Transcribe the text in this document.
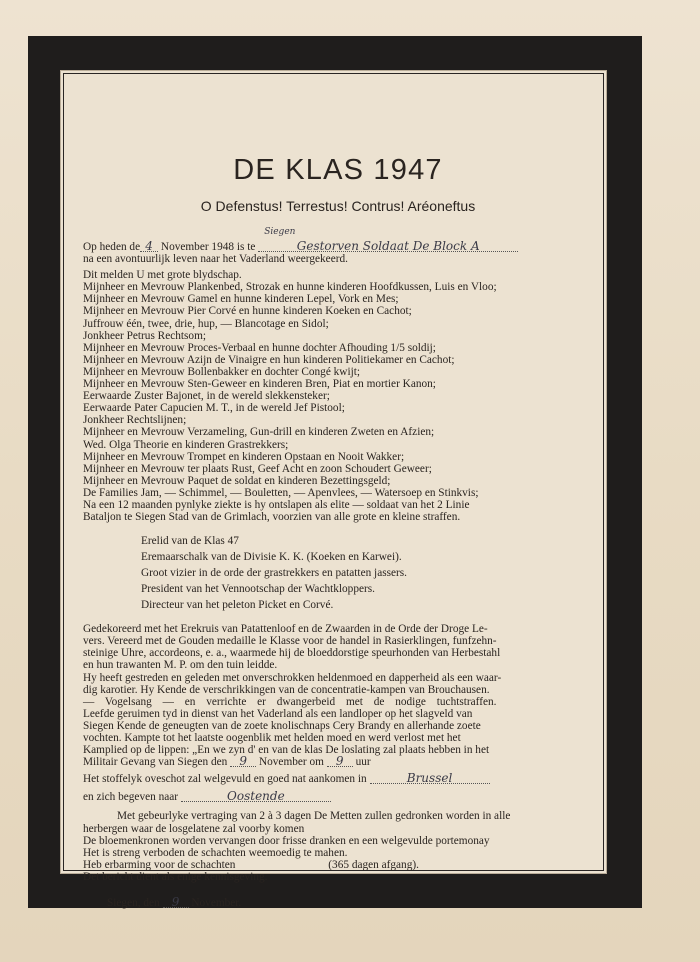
DE KLAS 1947
O Defenstus! Terrestus! Contrus! Aréoneftus
Op heden de 4 November 1948 is te
Siegen
Gestorven Soldaat De Block A
na een avontuurlijk leven naar het Vaderland weergekeerd.
Dit melden U met grote blydschap.
Mijnheer en Mevrouw Plankenbed, Strozak en hunne kinderen Hoofdkussen, Luis en Vloo;
Mijnheer en Mevrouw Gamel en hunne kinderen Lepel, Vork en Mes;
Mijnheer en Mevrouw Pier Corvé en hunne kinderen Koeken en Cachot;
Juffrouw één, twee, drie, hup, — Blancotage en Sidol;
Jonkheer Petrus Rechtsom;
Mijnheer en Mevrouw Proces-Verbaal en hunne dochter Afhouding 1/5 soldij;
Mijnheer en Mevrouw Azijn de Vinaigre en hun kinderen Politiekamer en Cachot;
Mijnheer en Mevrouw Bollenbakker en dochter Congé kwijt;
Mijnheer en Mevrouw Sten-Geweer en kinderen Bren, Piat en mortier Kanon;
Eerwaarde Zuster Bajonet, in de wereld slekkensteker;
Eerwaarde Pater Capucien M. T., in de wereld Jef Pistool;
Jonkheer Rechtslijnen;
Mijnheer en Mevrouw Verzameling, Gun-drill en kinderen Zweten en Afzien;
Wed. Olga Theorie en kinderen Grastrekkers;
Mijnheer en Mevrouw Trompet en kinderen Opstaan en Nooit Wakker;
Mijnheer en Mevrouw ter plaats Rust, Geef Acht en zoon Schoudert Geweer;
Mijnheer en Mevrouw Paquet de soldat en kinderen Bezettingsgeld;
De Families Jam, — Schimmel, — Bouletten, — Apenvlees, — Watersoep en Stinkvis;
Na een 12 maanden pynlyke ziekte is hy ontslapen als elite — soldaat van het 2 Linie
Bataljon te Siegen Stad van de Grimlach, voorzien van alle grote en kleine straffen.
Erelid van de Klas 47
Eremaarschalk van de Divisie K. K. (Koeken en Karwei).
Groot vizier in de orde der grastrekkers en patatten jassers.
President van het Vennootschap der Wachtkloppers.
Directeur van het peleton Picket en Corvé.
Gedekoreerd met het Erekruis van Patattenloof en de Zwaarden in de Orde der Droge Le-
vers. Vereerd met de Gouden medaille le Klasse voor de handel in Rasierklingen, funfzehn-
steinige Uhre, accordeons, e. a., waarmede hij de bloeddorstige speurhonden van Herbestahl
en hun trawanten M. P. om den tuin leidde.
Hy heeft gestreden en geleden met onverschrokken heldenmoed en dapperheid als een waar-
dig karotier. Hy Kende de verschrikkingen van de concentratie-kampen van Brouchausen.
— Vogelsang — en verrichte er dwangerbeid met de nodige tuchtstraffen.
Leefde geruimen tyd in dienst van het Vaderland als een landloper op het slagveld van
Siegen Kende de geneugten van de zoete knolischnaps Cery Brandy en allerhande zoete
vochten. Kampte tot het laatste oogenblik met helden moed en werd verlost met het
Kamplied op de lippen: „En we zyn d' en van de klas De loslating zal plaats hebben in het
Militair Gevang van Siegen den 9 November om 9 uur
Het stoffelyk oveschot zal welgevuld en goed nat aankomen in	Brussel
en zich begeven naar	Oostende
Met gebeurlyke vertraging van 2 à 3 dagen De Metten zullen gedronken worden in alle
herbergen waar de losgelatene zal voorby komen
De bloemenkronen worden vervangen door frisse dranken en een welgevulde portemonay
Het is streng verboden de schachten weemoedig te mahen.
Heb erbarming voor de schachten	(365 dagen afgang).
Det bericht dient als enige kennisgeving.
Siegen, den 9 November.
